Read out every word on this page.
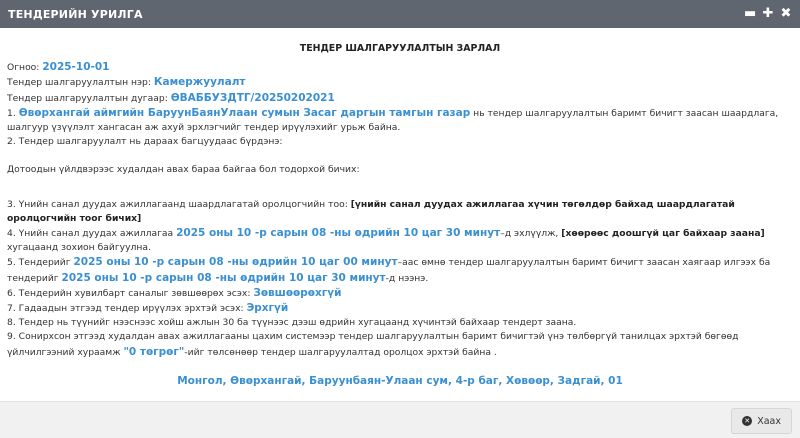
ТЕНДЕРИЙН УРИЛГА	▬ ✚ ✖
ТЕНДЕР ШАЛГАРУУЛАЛТЫН ЗАРЛАЛ

Огноо: 2025-10-01

Тендер шалгаруулалтын нэр: Камержуулалт

Тендер шалгаруулалтын дугаар: ӨВАББУЗДТГ/20250202021

1. Өвөрхангай аймгийн БаруунБаянУлаан сумын Засаг даргын тамгын газар нь тендер шалгаруулалтын баримт бичигт заасан шаардлага, шалгуур үзүүлэлт хангасан аж ахуй эрхлэгчийг тендер ирүүлэхийг урьж байна.

2. Тендер шалгаруулалт нь дараах багцуудаас бүрдэнэ:

Дотоодын үйлдвэрээс худалдан авах бараа байгаа бол тодорхой бичих:

3. Үнийн санал дуудах ажиллагаанд шаардлагатай оролцогчийн тоо: [үнийн санал дуудах ажиллагаа хүчин төгөлдөр байхад шаардлагатай оролцогчийн тоог бичих]

4. Үнийн санал дуудах ажиллагаа 2025 оны 10 -р сарын 08 -ны өдрийн 10 цаг 30 минут–д эхлүүлж, [хөөрөөс доошгүй цаг байхаар заана] хугацаанд зохион байгуулна.

5. Тендерийг 2025 оны 10 -р сарын 08 -ны өдрийн 10 цаг 00 минут–аас өмнө тендер шалгаруулалтын баримт бичигт заасан хаягаар илгээх ба тендерийг 2025 оны 10 -р сарын 08 -ны өдрийн 10 цаг 30 минут-д нээнэ.

6. Тендерийн хувилбарт саналыг зөвшөөрөх эсэх: Зөвшөөрөхгүй

7. Гадаадын этгээд тендер ирүүлэх эрхтэй эсэх: Эрхгүй

8. Тендер нь түүнийг нээснээс хойш ажлын 30 ба түүнээс дээш өдрийн хугацаанд хүчинтэй байхаар тендерт заана.

9. Сонирхсон этгээд худалдан авах ажиллагааны цахим системээр тендер шалгаруулалтын баримт бичигтэй үнэ төлбөргүй танилцах эрхтэй бөгөөд үйлчилгээний хураамж "0 төгрөг"-ийг төлсөнөөр тендер шалгаруулалтад оролцох эрхтэй байна .

Монгол, Өвөрхангай, Баруунбаян-Улаан сум, 4-р баг, Хөвөөр, Задгай, 01
✕ Хаах
